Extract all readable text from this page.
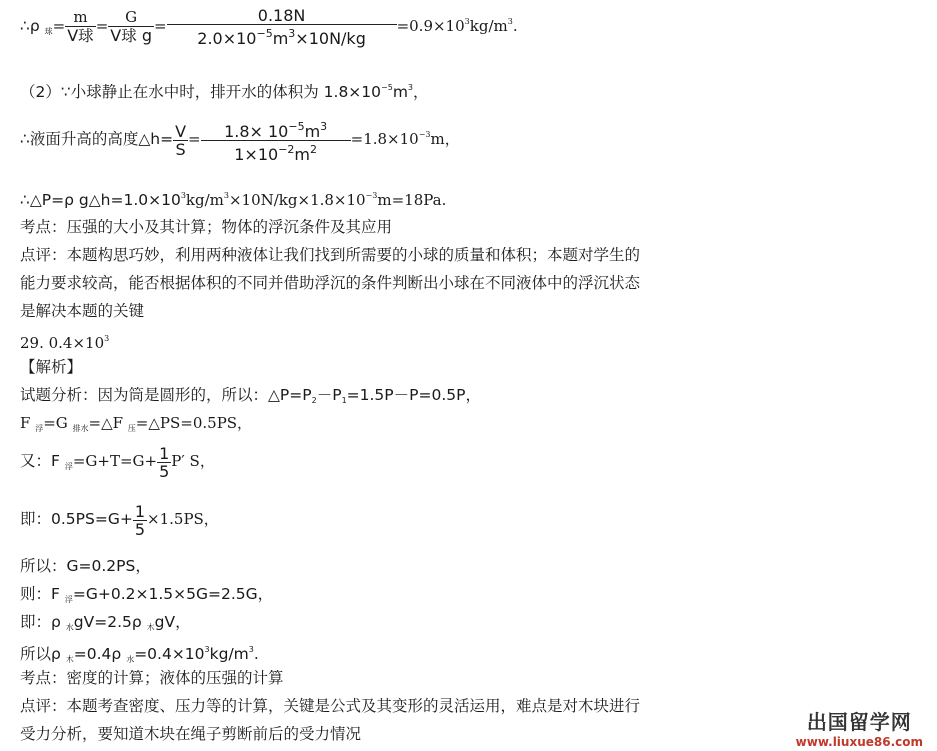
∴ρ $_球= \frac{m}{\text{V球}} = \frac{G}{\text{V球 g}} = \frac{0.18N}{2.0\times 10^{-5}m^3\times 10N/kg} =0.9\times 10^3kg/m^3$.
（2）∵小球静止在水中时，排开水的体积为 $1.8\times 10^{-5}m^3$，
∴液面升高的高度△h= $\frac{V}{S} = \frac{1.8\times 10^{-5}m^3}{1\times 10^{-2}m^2} =1.8\times 10^{-3}m$，
∴△P=ρ $g\triangle h=1.0\times 10^3kg/m^3\times 10N/kg\times 1.8\times 10^{-3}m=18Pa$.
考点：压强的大小及其计算；物体的浮沉条件及其应用
点评：本题构思巧妙，利用两种液体让我们找到所需要的小球的质量和体积；本题对学生的
能力要求较高，能否根据体积的不同并借助浮沉的条件判断出小球在不同液体中的浮沉状态
是解决本题的关键
29. $0.4\times 10^3$
【解析】
试题分析：因为筒是圆形的，所以：$\triangle P=P_2-P_1=1.5P-P=0.5P$，
F $_浮$=G $_{排水}$=△F $_压$=△PS=0.5PS，
又：F $_浮=G+T=G+ \frac{1}{5} P'$ S，
即：$0.5PS=G+ \frac{1}{5} \times 1.5PS$，
所以：G=0.2PS，
则：F $_浮$=G+0.2×1.5×5G=2.5G，
即：ρ $_水$gV=2.5ρ $_木$gV，
所以ρ $_木$=0.4ρ $_水=0.4\times 10^3kg/m^3$.
考点：密度的计算；液体的压强的计算
点评：本题考查密度、压力等的计算，关键是公式及其变形的灵活运用，难点是对木块进行
受力分析，要知道木块在绳子剪断前后的受力情况	出国留学网
www.liuxue86.com
